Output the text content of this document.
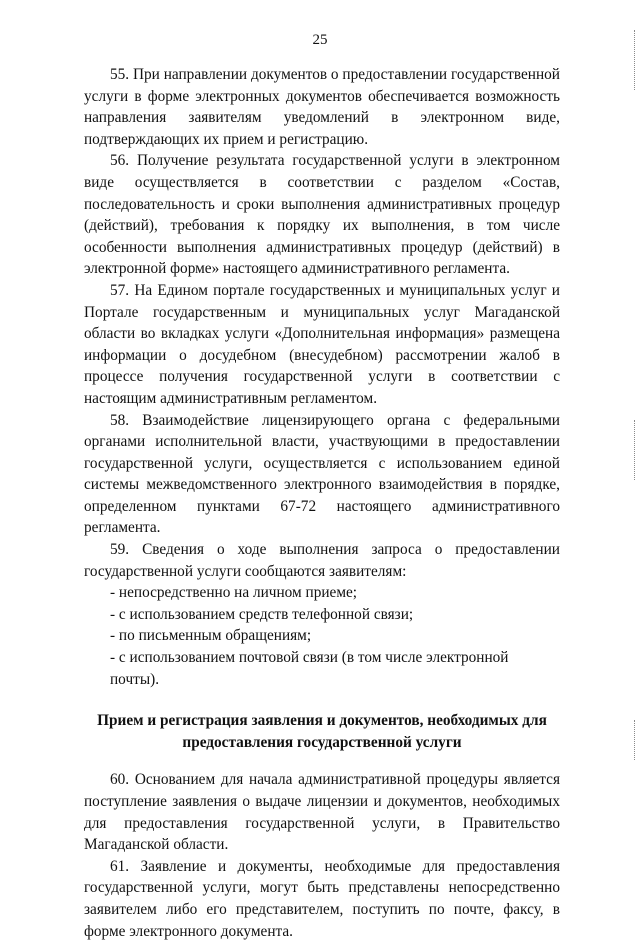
25

55. При направлении документов о предоставлении государственной услуги в форме электронных документов обеспечивается возможность направления заявителям уведомлений в электронном виде, подтверждающих их прием и регистрацию.

56. Получение результата государственной услуги в электронном виде осуществляется в соответствии с разделом «Состав, последовательность и сроки выполнения административных процедур (действий), требования к порядку их выполнения, в том числе особенности выполнения административных процедур (действий) в электронной форме» настоящего административного регламента.

57. На Едином портале государственных и муниципальных услуг и Портале государственным и муниципальных услуг Магаданской области во вкладках услуги «Дополнительная информация» размещена информации о досудебном (внесудебном) рассмотрении жалоб в процессе получения государственной услуги в соответствии с настоящим административным регламентом.

58. Взаимодействие лицензирующего органа с федеральными органами исполнительной власти, участвующими в предоставлении государственной услуги, осуществляется с использованием единой системы межведомственного электронного взаимодействия в порядке, определенном пунктами 67-72 настоящего административного регламента.

59. Сведения о ходе выполнения запроса о предоставлении государственной услуги сообщаются заявителям:

- непосредственно на личном приеме;
- с использованием средств телефонной связи;
- по письменным обращениям;
- с использованием почтовой связи (в том числе электронной почты).
Прием и регистрация заявления и документов, необходимых для предоставления государственной услуги

60. Основанием для начала административной процедуры является поступление заявления о выдаче лицензии и документов, необходимых для предоставления государственной услуги, в Правительство Магаданской области.

61. Заявление и документы, необходимые для предоставления государственной услуги, могут быть представлены непосредственно заявителем либо его представителем, поступить по почте, факсу, в форме электронного документа.
